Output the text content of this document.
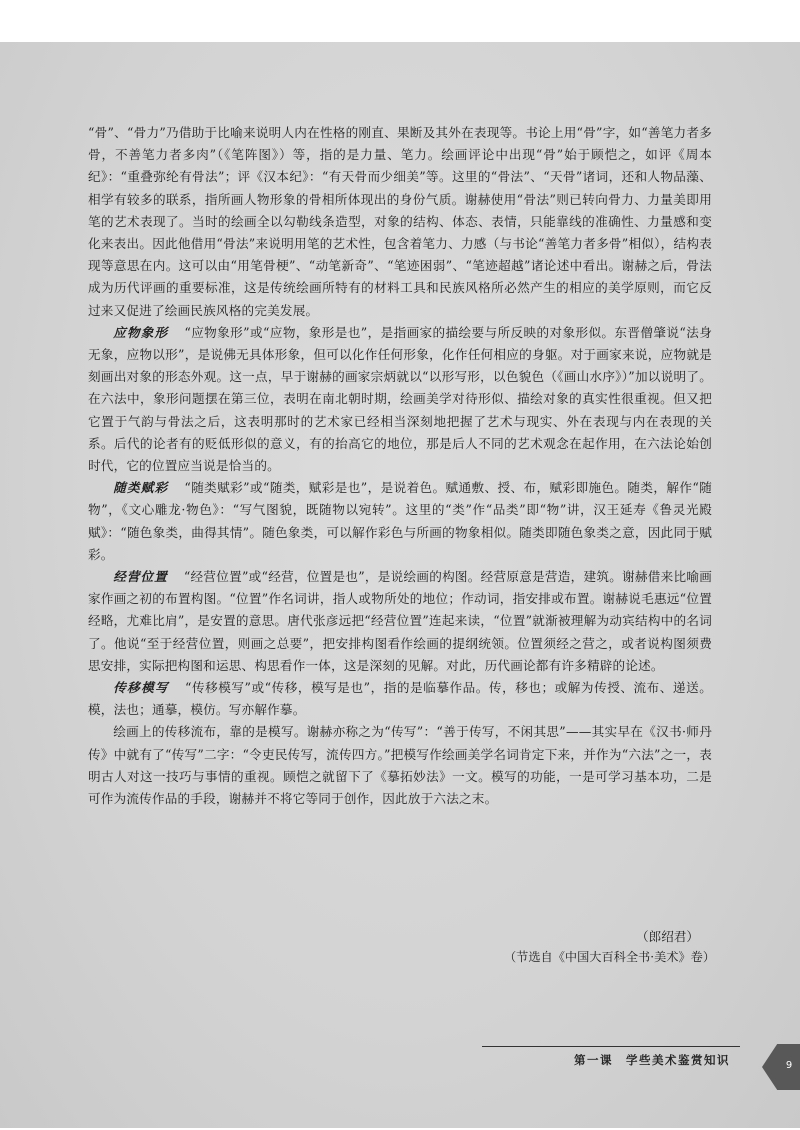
“骨”、“骨力”乃借助于比喻来说明人内在性格的刚直、果断及其外在表现等。书论上用“骨”字，如“善笔力者多骨，不善笔力者多肉”（《笔阵图》）等，指的是力量、笔力。绘画评论中出现“骨”始于顾恺之，如评《周本纪》：“重叠弥纶有骨法”；评《汉本纪》：“有天骨而少细美”等。这里的“骨法”、“天骨”诸词，还和人物品藻、相学有较多的联系，指所画人物形象的骨相所体现出的身份气质。谢赫使用“骨法”则已转向骨力、力量美即用笔的艺术表现了。当时的绘画全以勾勒线条造型，对象的结构、体态、表情，只能靠线的准确性、力量感和变化来表出。因此他借用“骨法”来说明用笔的艺术性，包含着笔力、力感（与书论“善笔力者多骨”相似），结构表现等意思在内。这可以由“用笔骨梗”、“动笔新奇”、“笔迹困弱”、“笔迹超越”诸论述中看出。谢赫之后，骨法成为历代评画的重要标准，这是传统绘画所特有的材料工具和民族风格所必然产生的相应的美学原则，而它反过来又促进了绘画民族风格的完美发展。

应物象形 “应物象形”或“应物，象形是也”，是指画家的描绘要与所反映的对象形似。东晋僧肇说“法身无象，应物以形”，是说佛无具体形象，但可以化作任何形象，化作任何相应的身躯。对于画家来说，应物就是刻画出对象的形态外观。这一点，早于谢赫的画家宗炳就以“以形写形，以色貌色（《画山水序》）”加以说明了。在六法中，象形问题摆在第三位，表明在南北朝时期，绘画美学对待形似、描绘对象的真实性很重视。但又把它置于气韵与骨法之后，这表明那时的艺术家已经相当深刻地把握了艺术与现实、外在表现与内在表现的关系。后代的论者有的贬低形似的意义，有的抬高它的地位，那是后人不同的艺术观念在起作用，在六法论始创时代，它的位置应当说是恰当的。

随类赋彩 “随类赋彩”或“随类，赋彩是也”，是说着色。赋通敷、授、布，赋彩即施色。随类，解作“随物”，《文心雕龙·物色》：“写气图貌，既随物以宛转”。这里的“类”作“品类”即“物”讲，汉王延寿《鲁灵光殿赋》：“随色象类，曲得其情”。随色象类，可以解作彩色与所画的物象相似。随类即随色象类之意，因此同于赋彩。

经营位置 “经营位置”或“经营，位置是也”，是说绘画的构图。经营原意是营造，建筑。谢赫借来比喻画家作画之初的布置构图。“位置”作名词讲，指人或物所处的地位；作动词，指安排或布置。谢赫说毛惠远“位置经略，尤难比肩”，是安置的意思。唐代张彦远把“经营位置”连起来读，“位置”就渐被理解为动宾结构中的名词了。他说“至于经营位置，则画之总要”，把安排构图看作绘画的提纲统领。位置须经之营之，或者说构图须费思安排，实际把构图和运思、构思看作一体，这是深刻的见解。对此，历代画论都有许多精辟的论述。

传移模写 “传移模写”或“传移，模写是也”，指的是临摹作品。传，移也；或解为传授、流布、递送。模，法也；通摹，模仿。写亦解作摹。

绘画上的传移流布，靠的是模写。谢赫亦称之为“传写”：“善于传写，不闲其思”——其实早在《汉书·师丹传》中就有了“传写”二字：“令吏民传写，流传四方。”把模写作绘画美学名词肯定下来，并作为“六法”之一，表明古人对这一技巧与事情的重视。顾恺之就留下了《摹拓妙法》一文。模写的功能，一是可学习基本功，二是可作为流传作品的手段，谢赫并不将它等同于创作，因此放于六法之末。

（郎绍君）
（节选自《中国大百科全书·美术》卷）
第一课　学些美术鉴赏知识	9
